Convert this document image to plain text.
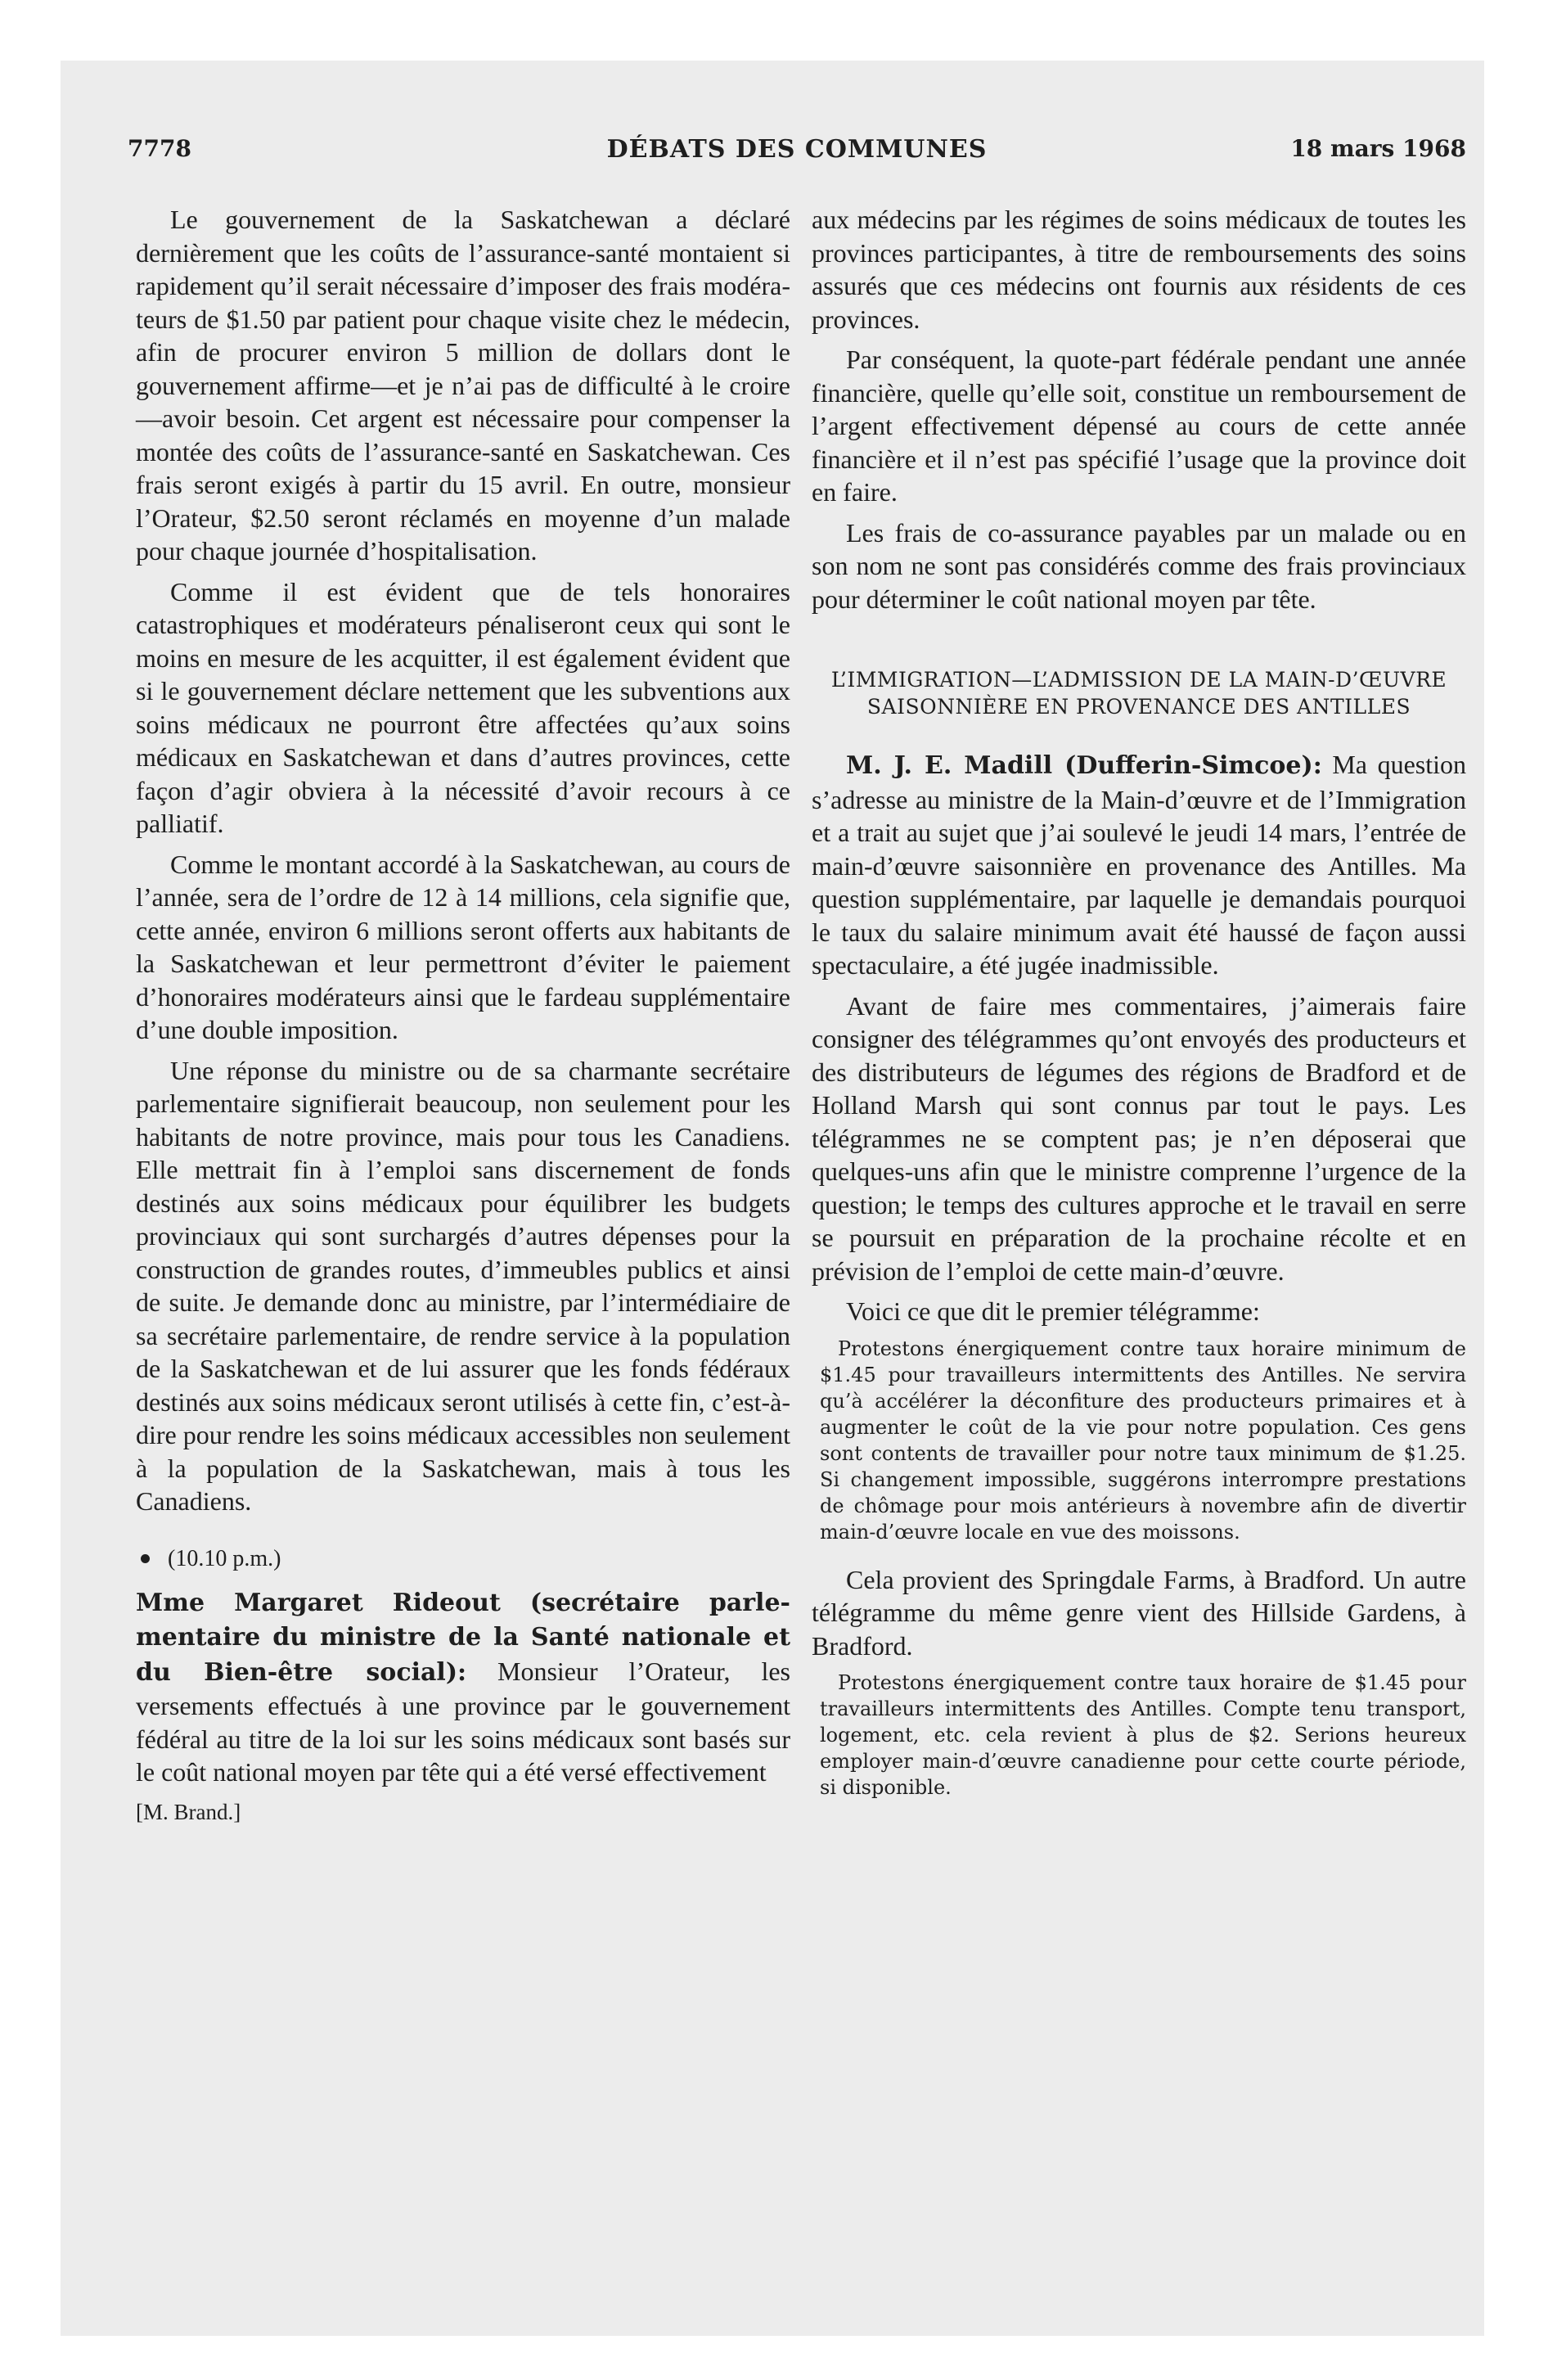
7778	DÉBATS DES COMMUNES	18 mars 1968

Le gouvernement de la Saskatchewan a déclaré dernièrement que les coûts de l’assurance-santé montaient si rapidement qu’il serait nécessaire d’imposer des frais modérateurs de $1.50 par patient pour chaque visite chez le médecin, afin de procurer environ 5 million de dollars dont le gouvernement affirme—et je n’ai pas de difficulté à le croire—avoir besoin. Cet argent est nécessaire pour compenser la montée des coûts de l’assurance-santé en Saskatchewan. Ces frais seront exigés à partir du 15 avril. En outre, monsieur l’Orateur, $2.50 seront réclamés en moyenne d’un malade pour chaque journée d’hospitalisation.

Comme il est évident que de tels honoraires catastrophiques et modérateurs pénaliseront ceux qui sont le moins en mesure de les acquitter, il est également évident que si le gouvernement déclare nettement que les subventions aux soins médicaux ne pourront être affectées qu’aux soins médicaux en Saskatchewan et dans d’autres provinces, cette façon d’agir obviera à la nécessité d’avoir recours à ce palliatif.

Comme le montant accordé à la Saskatchewan, au cours de l’année, sera de l’ordre de 12 à 14 millions, cela signifie que, cette année, environ 6 millions seront offerts aux habitants de la Saskatchewan et leur permettront d’éviter le paiement d’honoraires modérateurs ainsi que le fardeau supplémentaire d’une double imposition.

Une réponse du ministre ou de sa charmante secrétaire parlementaire signifierait beaucoup, non seulement pour les habitants de notre province, mais pour tous les Canadiens. Elle mettrait fin à l’emploi sans discernement de fonds destinés aux soins médicaux pour équilibrer les budgets provinciaux qui sont surchargés d’autres dépenses pour la construction de grandes routes, d’immeubles publics et ainsi de suite. Je demande donc au ministre, par l’intermédiaire de sa secrétaire parlementaire, de rendre service à la population de la Saskatchewan et de lui assurer que les fonds fédéraux destinés aux soins médicaux seront utilisés à cette fin, c’est-à-dire pour rendre les soins médicaux accessibles non seulement à la population de la Saskatchewan, mais à tous les Canadiens.

(10.10 p.m.)

Mme Margaret Rideout (secrétaire parlementaire du ministre de la Santé nationale et du Bien-être social): Monsieur l’Orateur, les versements effectués à une province par le gouvernement fédéral au titre de la loi sur les soins médicaux sont basés sur le coût national moyen par tête qui a été versé effectivement

[M. Brand.]

aux médecins par les régimes de soins médicaux de toutes les provinces participantes, à titre de remboursements des soins assurés que ces médecins ont fournis aux résidents de ces provinces.

Par conséquent, la quote-part fédérale pendant une année financière, quelle qu’elle soit, constitue un remboursement de l’argent effectivement dépensé au cours de cette année financière et il n’est pas spécifié l’usage que la province doit en faire.

Les frais de co-assurance payables par un malade ou en son nom ne sont pas considérés comme des frais provinciaux pour déterminer le coût national moyen par tête.

L’IMMIGRATION—L’ADMISSION DE LA MAIN-D’ŒUVRE SAISONNIÈRE EN PROVENANCE DES ANTILLES

M. J. E. Madill (Dufferin-Simcoe): Ma question s’adresse au ministre de la Main-d’œuvre et de l’Immigration et a trait au sujet que j’ai soulevé le jeudi 14 mars, l’entrée de main-d’œuvre saisonnière en provenance des Antilles. Ma question supplémentaire, par laquelle je demandais pourquoi le taux du salaire minimum avait été haussé de façon aussi spectaculaire, a été jugée inadmissible.

Avant de faire mes commentaires, j’aimerais faire consigner des télégrammes qu’ont envoyés des producteurs et des distributeurs de légumes des régions de Bradford et de Holland Marsh qui sont connus par tout le pays. Les télégrammes ne se comptent pas; je n’en déposerai que quelques-uns afin que le ministre comprenne l’urgence de la question; le temps des cultures approche et le travail en serre se poursuit en préparation de la prochaine récolte et en prévision de l’emploi de cette main-d’œuvre.

Voici ce que dit le premier télégramme:

Protestons énergiquement contre taux horaire minimum de $1.45 pour travailleurs intermittents des Antilles. Ne servira qu’à accélérer la déconfiture des producteurs primaires et à augmenter le coût de la vie pour notre population. Ces gens sont contents de travailler pour notre taux minimum de $1.25. Si changement impossible, suggérons interrompre prestations de chômage pour mois antérieurs à novembre afin de divertir main-d’œuvre locale en vue des moissons.

Cela provient des Springdale Farms, à Bradford. Un autre télégramme du même genre vient des Hillside Gardens, à Bradford.

Protestons énergiquement contre taux horaire de $1.45 pour travailleurs intermittents des Antilles. Compte tenu transport, logement, etc. cela revient à plus de $2. Serions heureux employer main-d’œuvre canadienne pour cette courte période, si disponible.
